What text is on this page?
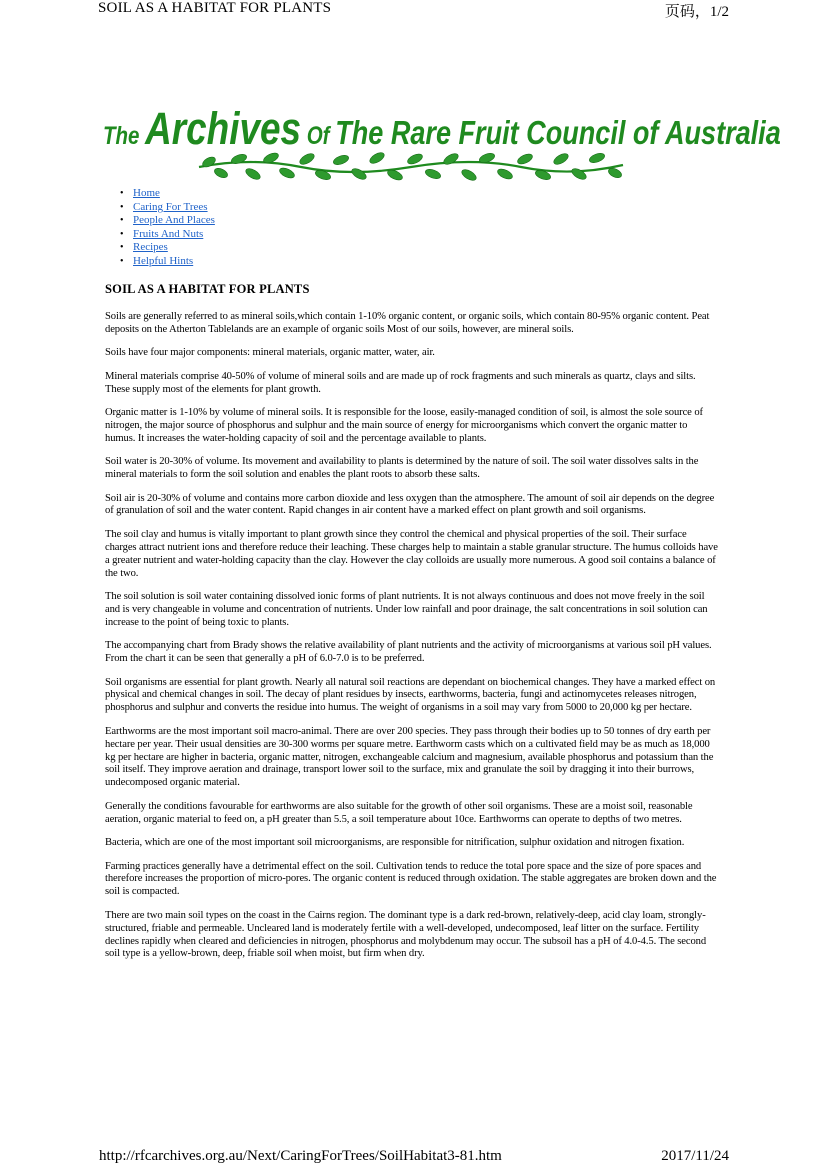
SOIL AS A HABITAT FOR PLANTS	页码，1/2
The Archives Of The Rare Fruit Council of Australia
• Home
• Caring For Trees
• People And Places
• Fruits And Nuts
• Recipes
• Helpful Hints
SOIL AS A HABITAT FOR PLANTS

Soils are generally referred to as mineral soils,which contain 1-10% organic content, or organic soils, which contain 80-95% organic content. Peat deposits on the Atherton Tablelands are an example of organic soils Most of our soils, however, are mineral soils.

Soils have four major components: mineral materials, organic matter, water, air.

Mineral materials comprise 40-50% of volume of mineral soils and are made up of rock fragments and such minerals as quartz, clays and silts. These supply most of the elements for plant growth.

Organic matter is 1-10% by volume of mineral soils. It is responsible for the loose, easily-managed condition of soil, is almost the sole source of nitrogen, the major source of phosphorus and sulphur and the main source of energy for microorganisms which convert the organic matter to humus. It increases the water-holding capacity of soil and the percentage available to plants.

Soil water is 20-30% of volume. Its movement and availability to plants is determined by the nature of soil. The soil water dissolves salts in the mineral materials to form the soil solution and enables the plant roots to absorb these salts.

Soil air is 20-30% of volume and contains more carbon dioxide and less oxygen than the atmosphere. The amount of soil air depends on the degree of granulation of soil and the water content. Rapid changes in air content have a marked effect on plant growth and soil organisms.

The soil clay and humus is vitally important to plant growth since they control the chemical and physical properties of the soil. Their surface charges attract nutrient ions and therefore reduce their leaching. These charges help to maintain a stable granular structure. The humus colloids have a greater nutrient and water-holding capacity than the clay. However the clay colloids are usually more numerous. A good soil contains a balance of the two.

The soil solution is soil water containing dissolved ionic forms of plant nutrients. It is not always continuous and does not move freely in the soil and is very changeable in volume and concentration of nutrients. Under low rainfall and poor drainage, the salt concentrations in soil solution can increase to the point of being toxic to plants.

The accompanying chart from Brady shows the relative availability of plant nutrients and the activity of microorganisms at various soil pH values. From the chart it can be seen that generally a pH of 6.0-7.0 is to be preferred.

Soil organisms are essential for plant growth. Nearly all natural soil reactions are dependant on biochemical changes. They have a marked effect on physical and chemical changes in soil. The decay of plant residues by insects, earthworms, bacteria, fungi and actinomycetes releases nitrogen, phosphorus and sulphur and converts the residue into humus. The weight of organisms in a soil may vary from 5000 to 20,000 kg per hectare.

Earthworms are the most important soil macro-animal. There are over 200 species. They pass through their bodies up to 50 tonnes of dry earth per hectare per year. Their usual densities are 30-300 worms per square metre. Earthworm casts which on a cultivated field may be as much as 18,000 kg per hectare are higher in bacteria, organic matter, nitrogen, exchangeable calcium and magnesium, available phosphorus and potassium than the soil itself. They improve aeration and drainage, transport lower soil to the surface, mix and granulate the soil by dragging it into their burrows, undecomposed organic material.

Generally the conditions favourable for earthworms are also suitable for the growth of other soil organisms. These are a moist soil, reasonable aeration, organic material to feed on, a pH greater than 5.5, a soil temperature about 10ce. Earthworms can operate to depths of two metres.

Bacteria, which are one of the most important soil microorganisms, are responsible for nitrification, sulphur oxidation and nitrogen fixation.

Farming practices generally have a detrimental effect on the soil. Cultivation tends to reduce the total pore space and the size of pore spaces and therefore increases the proportion of micro-pores. The organic content is reduced through oxidation. The stable aggregates are broken down and the soil is compacted.

There are two main soil types on the coast in the Cairns region. The dominant type is a dark red-brown, relatively-deep, acid clay loam, strongly-structured, friable and permeable. Uncleared land is moderately fertile with a well-developed, undecomposed, leaf litter on the surface. Fertility declines rapidly when cleared and deficiencies in nitrogen, phosphorus and molybdenum may occur. The subsoil has a pH of 4.0-4.5. The second soil type is a yellow-brown, deep, friable soil when moist, but firm when dry.

http://rfcarchives.org.au/Next/CaringForTrees/SoilHabitat3-81.htm	2017/11/24
